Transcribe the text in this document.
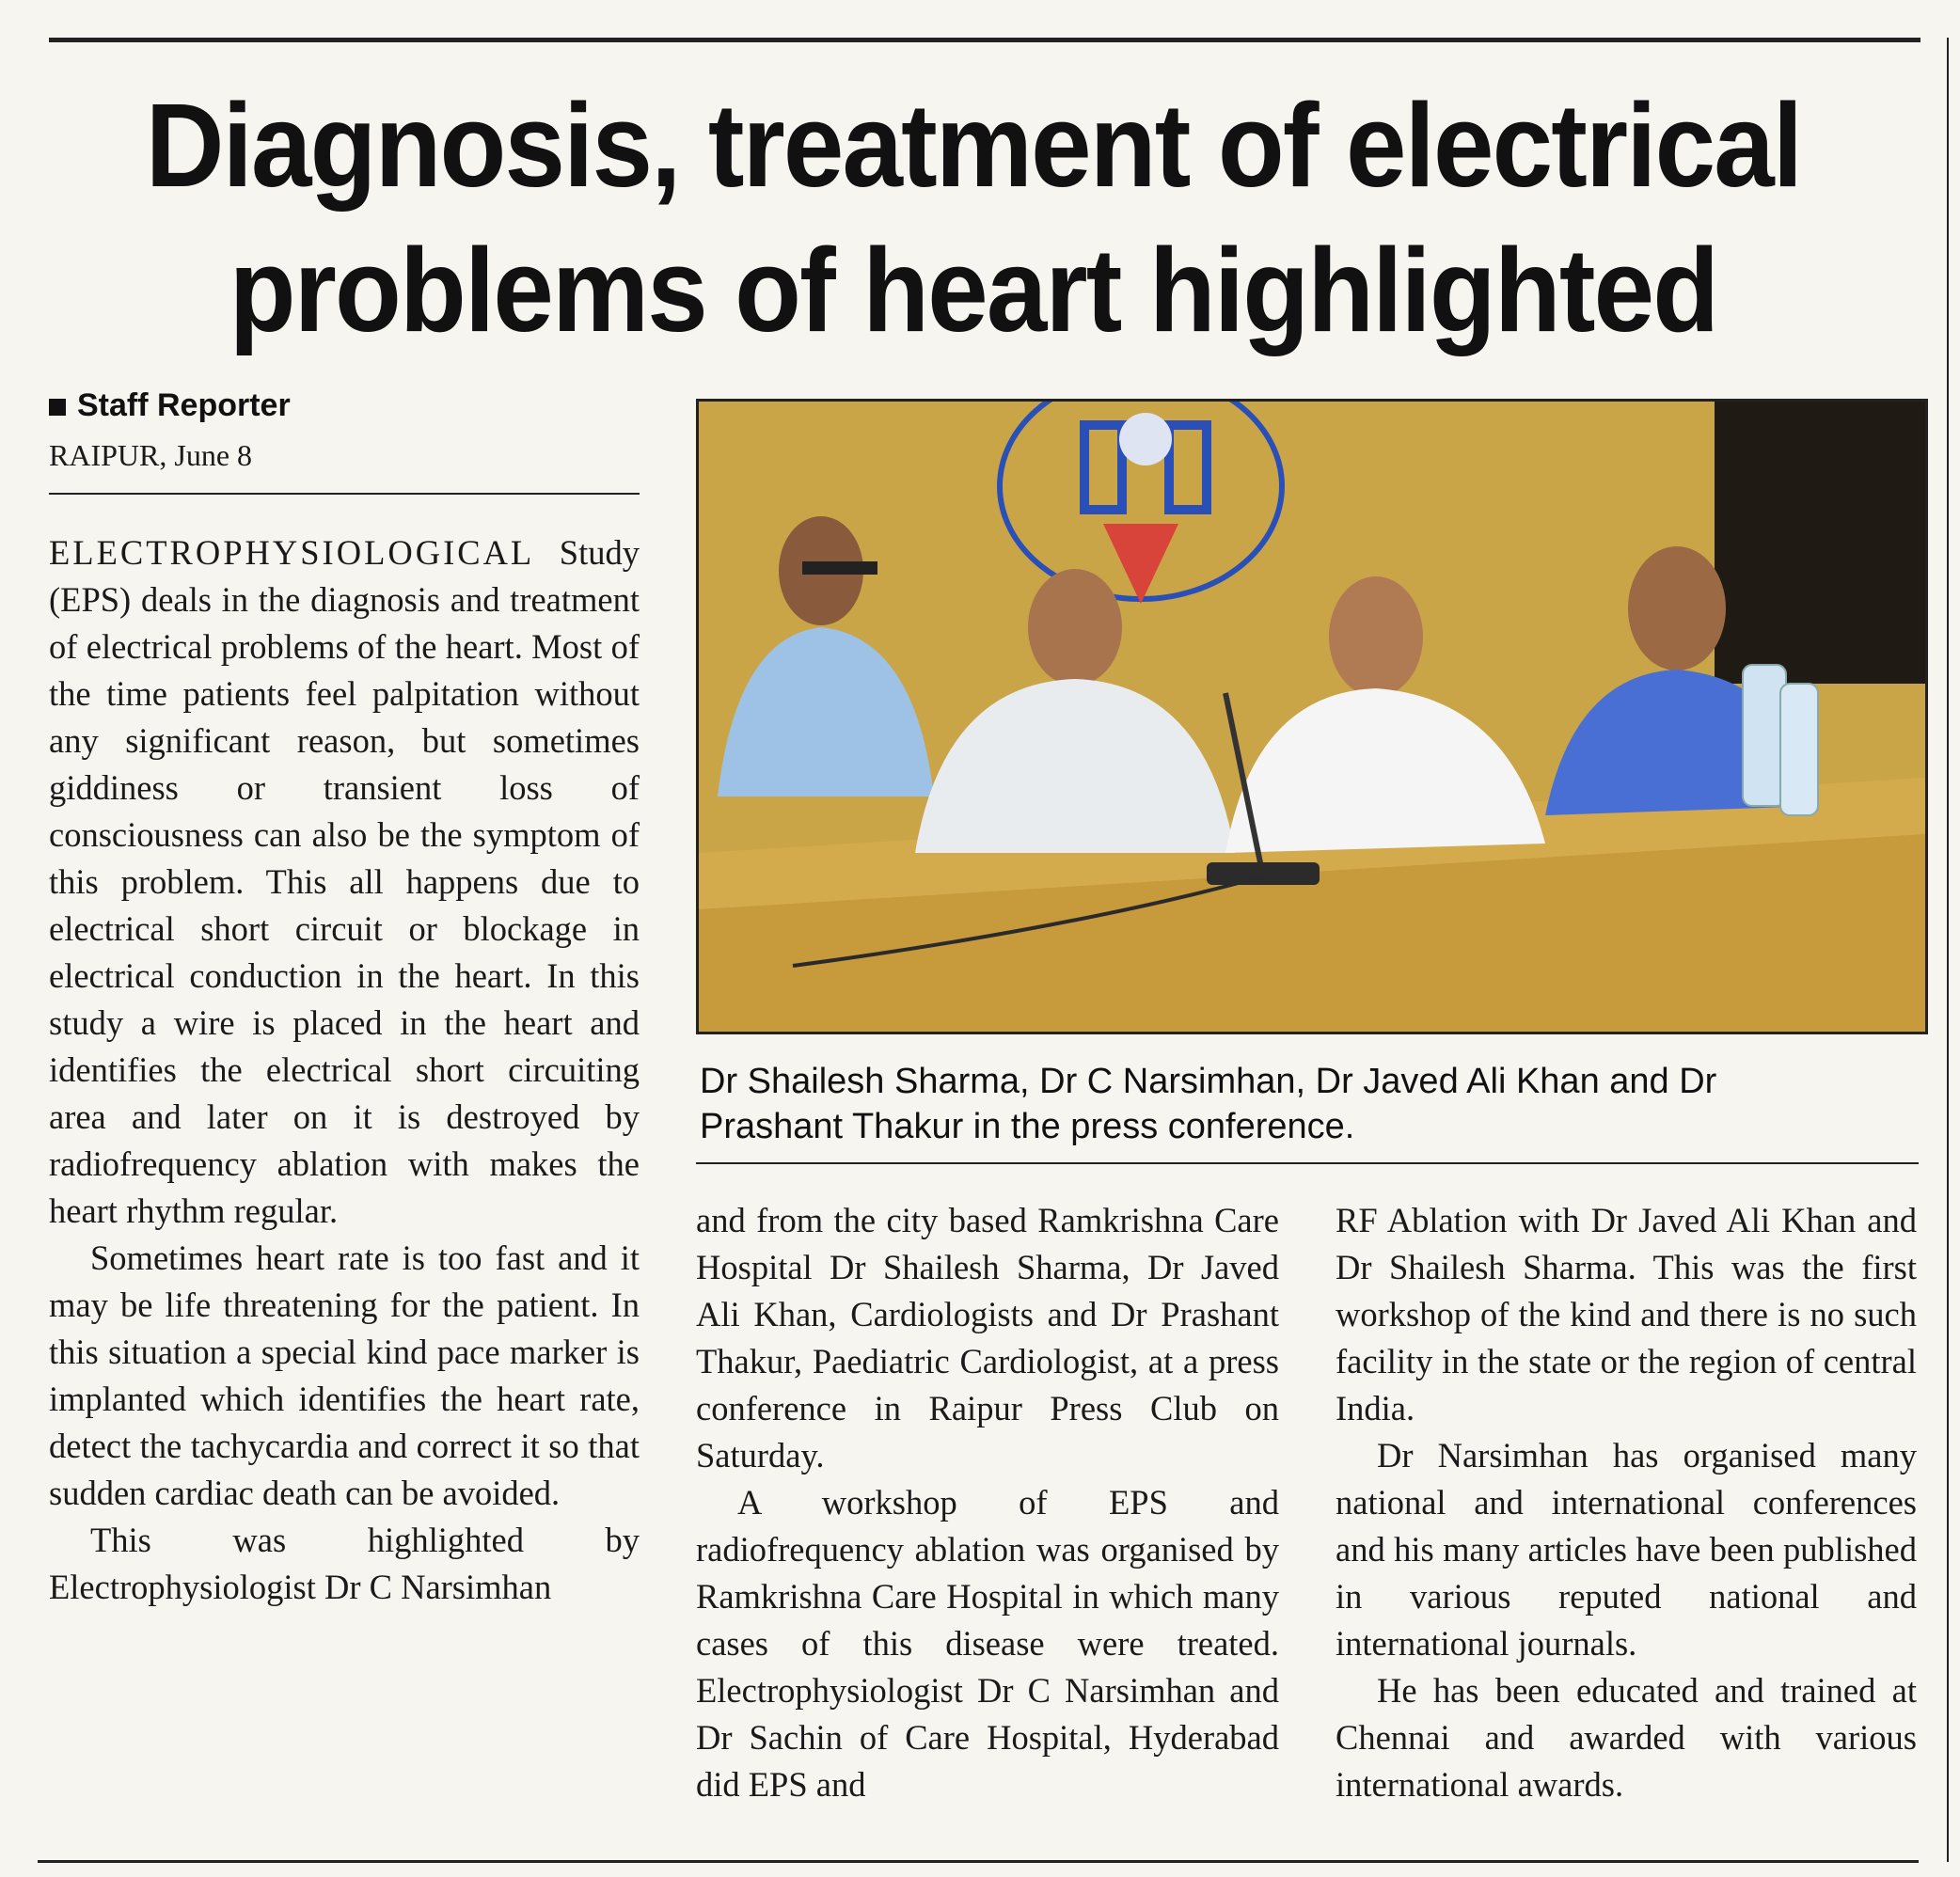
Diagnosis, treatment of electrical
problems of heart highlighted
Staff Reporter
RAIPUR, June 8
Dr Shailesh Sharma, Dr C Narsimhan, Dr Javed Ali Khan and Dr
Prashant Thakur in the press conference.

ELECTROPHYSIOLOGICAL Study (EPS) deals in the diagnosis and treatment of electrical problems of the heart. Most of the time patients feel palpitation without any significant reason, but sometimes giddiness or transient loss of consciousness can also be the symptom of this problem. This all happens due to electrical short circuit or blockage in electrical conduction in the heart. In this study a wire is placed in the heart and identifies the electrical short circuiting area and later on it is destroyed by radiofrequency ablation with makes the heart rhythm regular.

Sometimes heart rate is too fast and it may be life threatening for the patient. In this situation a special kind pace marker is implanted which identifies the heart rate, detect the tachycardia and correct it so that sudden cardiac death can be avoided.

This was highlighted by Electrophysiologist Dr C Narsimhan

and from the city based Ramkrishna Care Hospital Dr Shailesh Sharma, Dr Javed Ali Khan, Cardiologists and Dr Prashant Thakur, Paediatric Cardiologist, at a press conference in Raipur Press Club on Saturday.

A workshop of EPS and radiofrequency ablation was organised by Ramkrishna Care Hospital in which many cases of this disease were treated. Electrophysiologist Dr C Narsimhan and Dr Sachin of Care Hospital, Hyderabad did EPS and

RF Ablation with Dr Javed Ali Khan and Dr Shailesh Sharma. This was the first workshop of the kind and there is no such facility in the state or the region of central India.

Dr Narsimhan has organised many national and international conferences and his many articles have been published in various reputed national and international journals.

He has been educated and trained at Chennai and awarded with various international awards.
